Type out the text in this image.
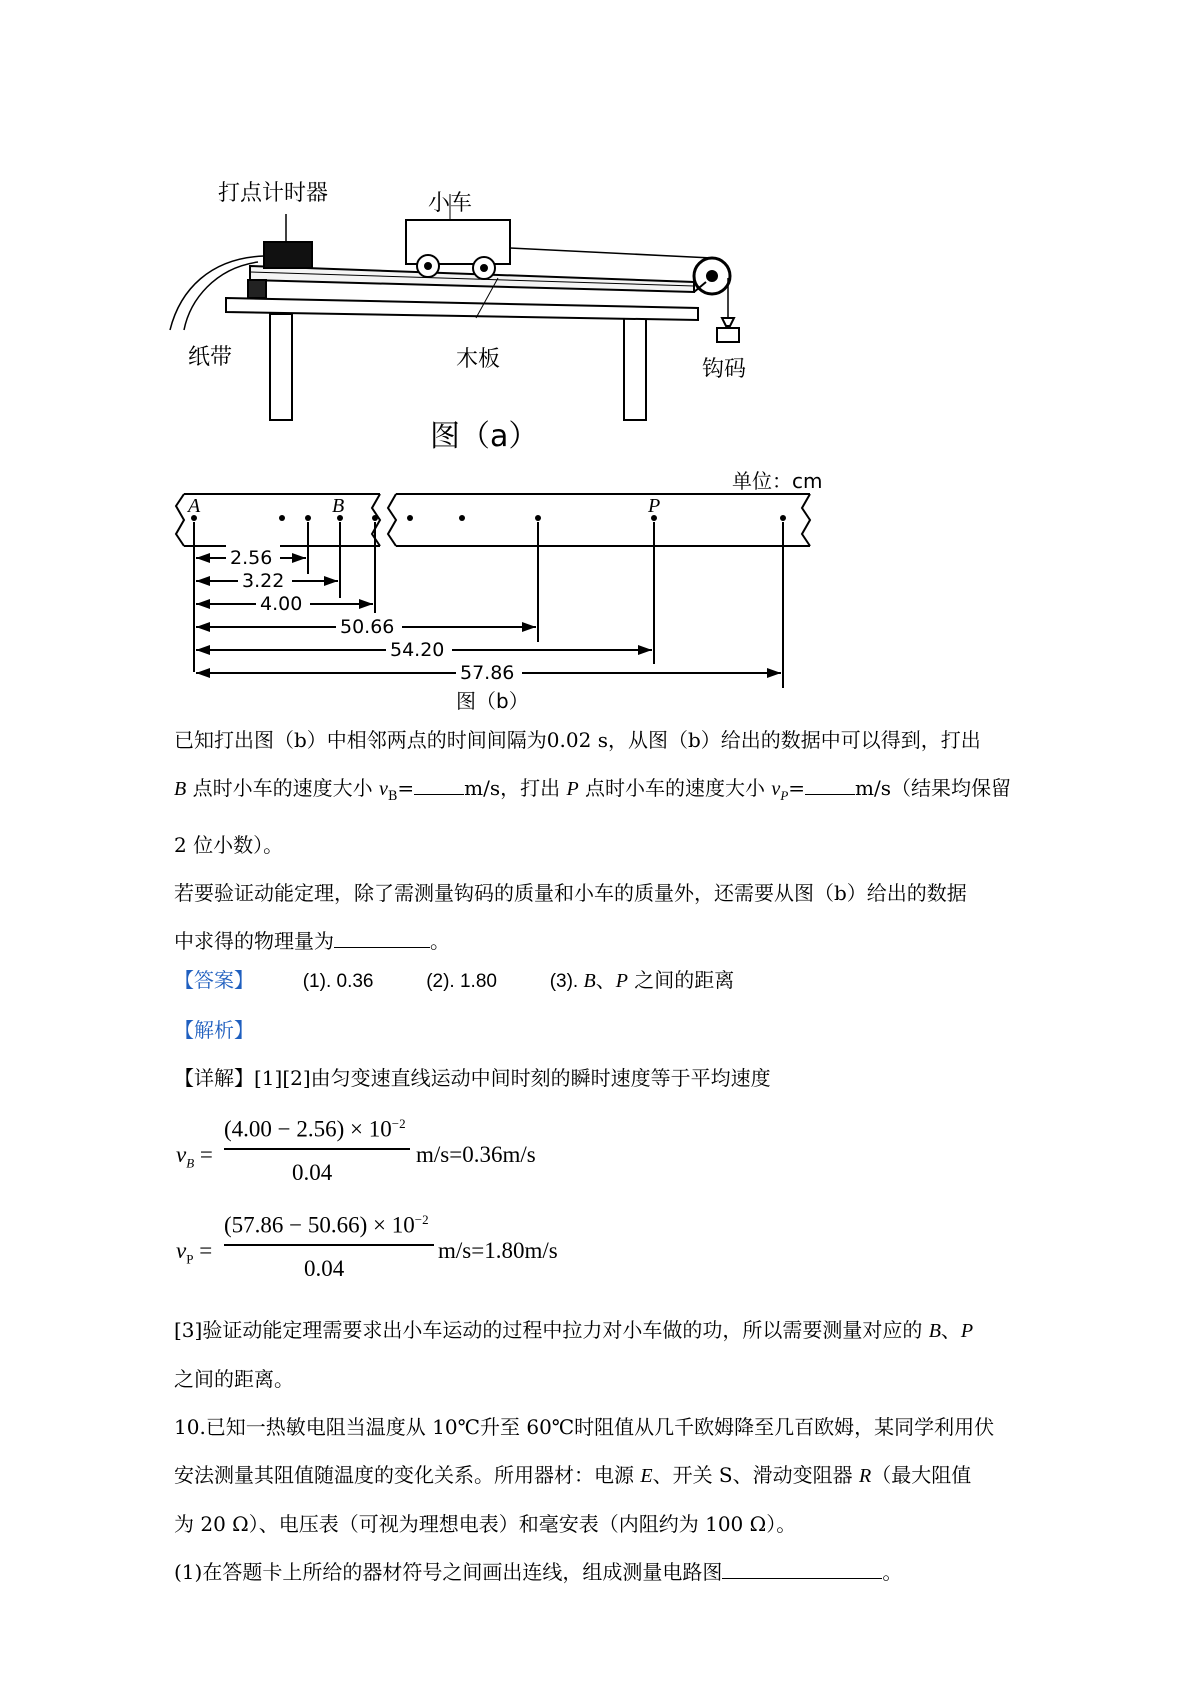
打点计时器	小车
纸带	木板	钩码
图（a）
A	B	P
单位：cm
2.56
3.22
4.00
50.66
54.20
57.86
图（b）
已知打出图（b）中相邻两点的时间间隔为0.02 s，从图（b）给出的数据中可以得到，打出
B 点时小车的速度大小 $v_B=$	m/s，打出 P 点时小车的速度大小 $v_P=$	m/s（结果均保留
2 位小数）。
若要验证动能定理，除了需测量钩码的质量和小车的质量外，还需要从图（b）给出的数据
中求得的物理量为	。
【答案】	(1). 0.36	(2). 1.80	(3). B、P 之间的距离
【解析】
【详解】[1][2]由匀变速直线运动中间时刻的瞬时速度等于平均速度
$v_B$ =
$(4.00 - 2.56) \times 10^{-2}$
0.04
m/s=0.36m/s
$v_P$ =
$(57.86 - 50.66) \times 10^{-2}$
0.04
m/s=1.80m/s
[3]验证动能定理需要求出小车运动的过程中拉力对小车做的功，所以需要测量对应的 B、P
之间的距离。
10.已知一热敏电阻当温度从 10℃升至 60℃时阻值从几千欧姆降至几百欧姆，某同学利用伏
安法测量其阻值随温度的变化关系。所用器材：电源 E、开关 S、滑动变阻器 R（最大阻值
为 20 Ω）、电压表（可视为理想电表）和毫安表（内阻约为 100 Ω）。
(1)在答题卡上所给的器材符号之间画出连线，组成测量电路图	。
